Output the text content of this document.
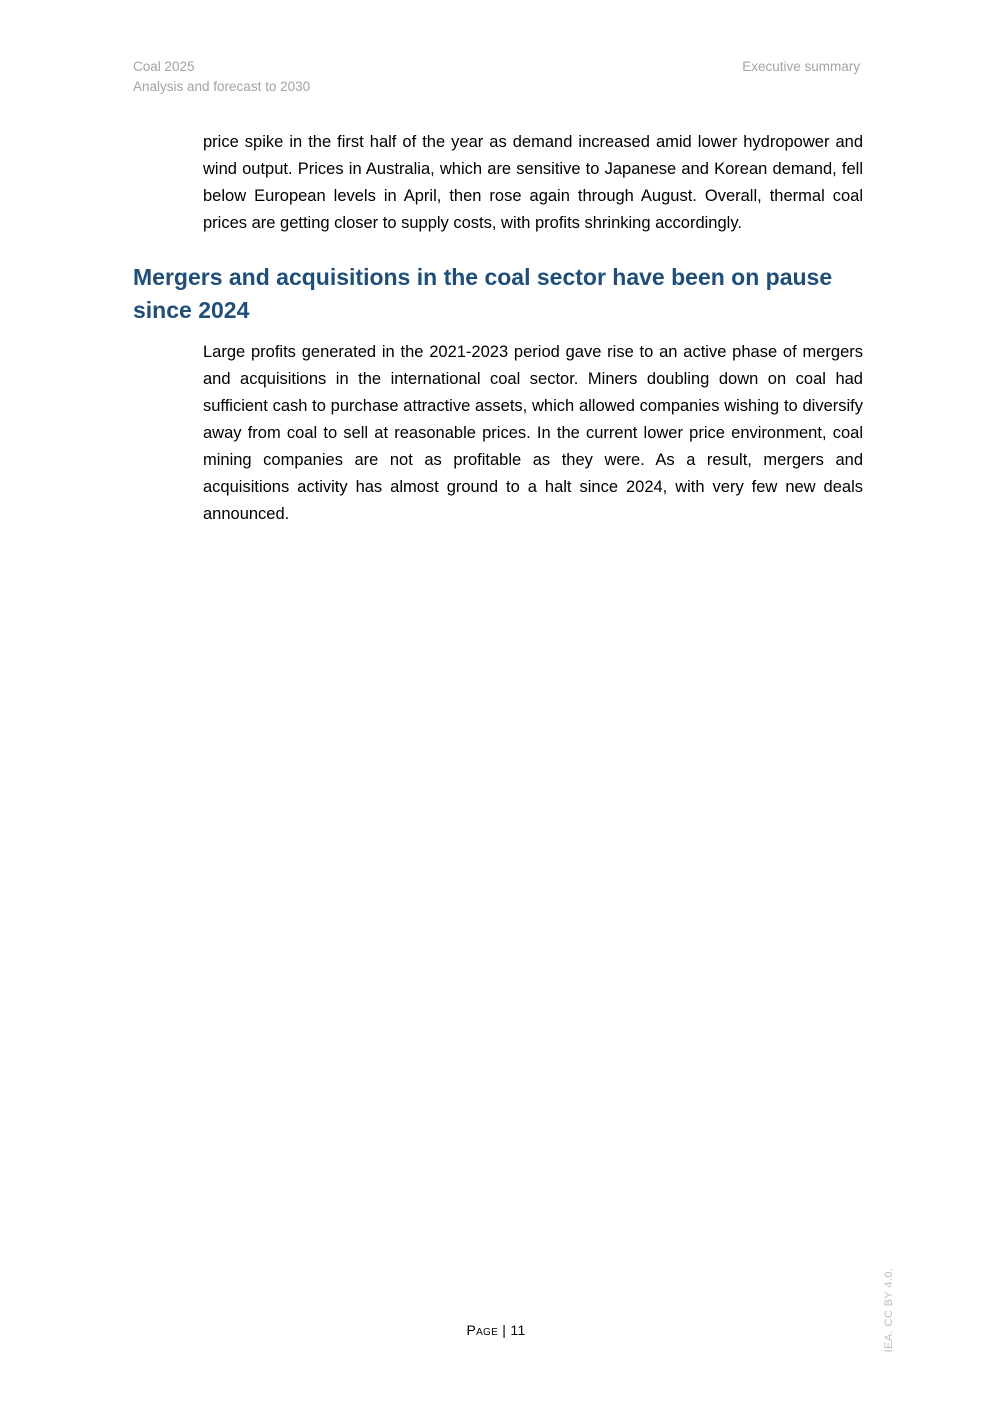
Coal 2025
Analysis and forecast to 2030
Executive summary

price spike in the first half of the year as demand increased amid lower hydropower and wind output. Prices in Australia, which are sensitive to Japanese and Korean demand, fell below European levels in April, then rose again through August. Overall, thermal coal prices are getting closer to supply costs, with profits shrinking accordingly.

Mergers and acquisitions in the coal sector have been on pause since 2024

Large profits generated in the 2021-2023 period gave rise to an active phase of mergers and acquisitions in the international coal sector. Miners doubling down on coal had sufficient cash to purchase attractive assets, which allowed companies wishing to diversify away from coal to sell at reasonable prices. In the current lower price environment, coal mining companies are not as profitable as they were. As a result, mergers and acquisitions activity has almost ground to a halt since 2024, with very few new deals announced.

Page | 11	IEA. CC BY 4.0.
